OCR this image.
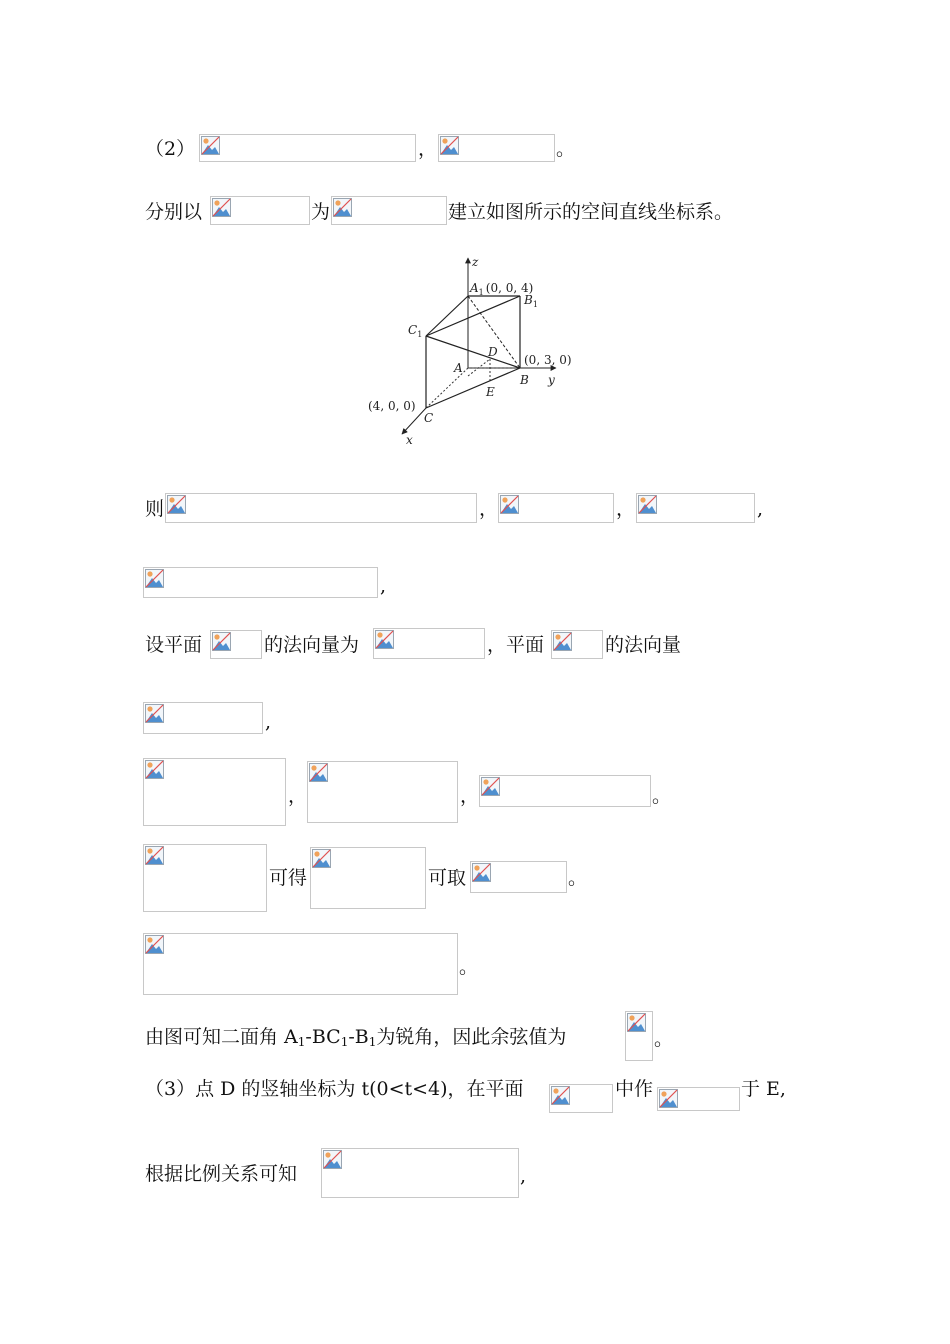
（2）	，	。
分别以	为	建立如图所示的空间直线坐标系。
z
y
x
$A_1$ (0, 0, 4)
$B_1$
$C_1$
D
A
B
(0, 3, 0)
E
(4, 0, 0)
C
则	，	，	,
,
设平面	的法向量为	，平面	的法向量
,
，	，	。
可得	可取	。
。
由图可知二面角 $A_1-BC_1-B_1$为锐角，因此余弦值为	。
（3）点 D 的竖轴坐标为 t(0<t<4)，在平面	中作	于 E,
根据比例关系可知	,
